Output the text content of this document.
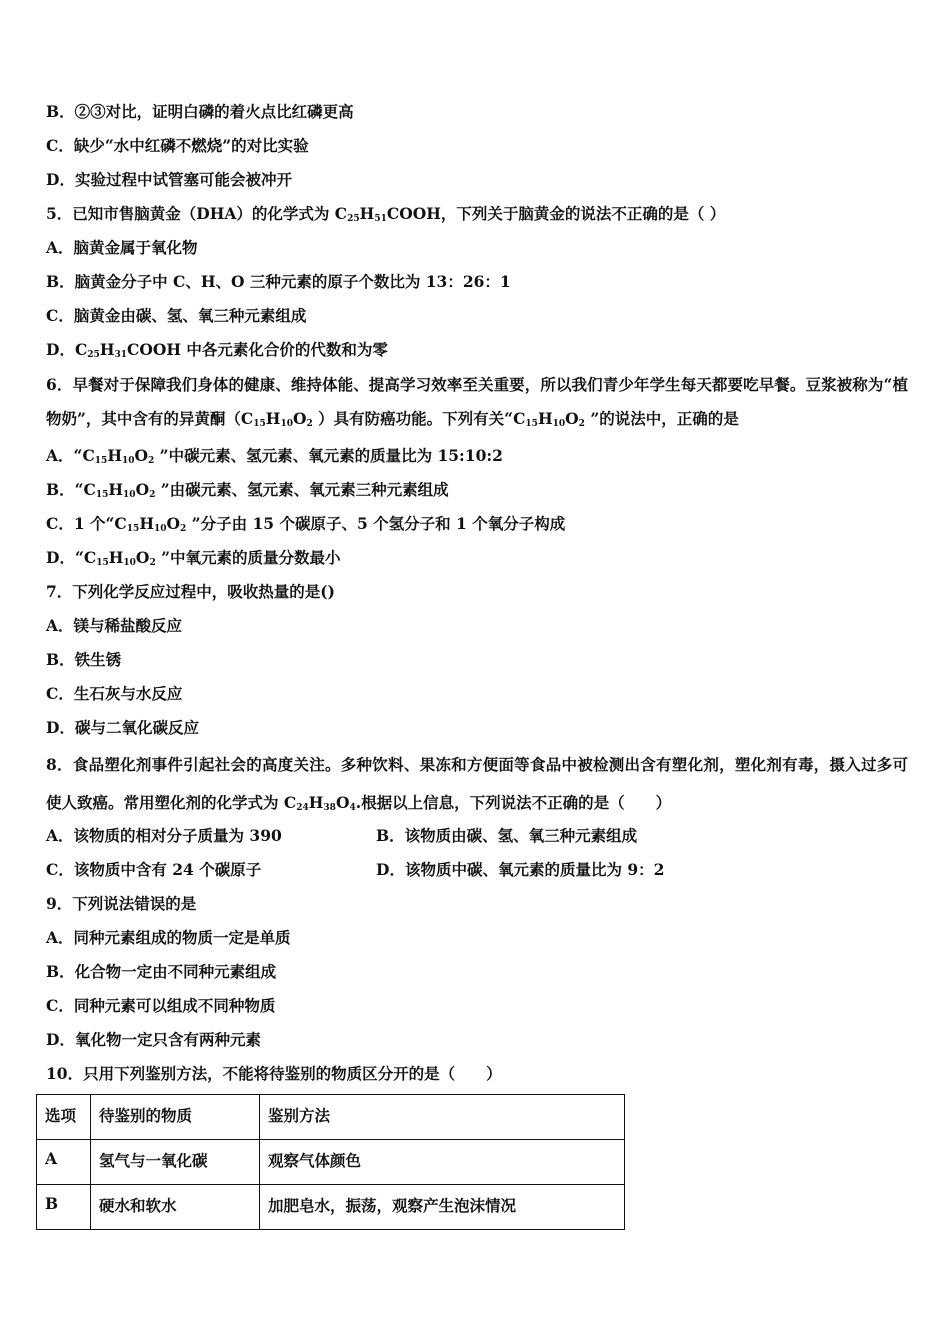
B．②③对比，证明白磷的着火点比红磷更高
C．缺少“水中红磷不燃烧”的对比实验
D．实验过程中试管塞可能会被冲开
5．已知市售脑黄金（DHA）的化学式为 $C_{25}H_{51}COOH$，下列关于脑黄金的说法不正确的是（ ）
A．脑黄金属于氧化物
B．脑黄金分子中 C、H、O 三种元素的原子个数比为 13：26：1
C．脑黄金由碳、氢、氧三种元素组成
D．$C_{25}H_{31}COOH$ 中各元素化合价的代数和为零
6．早餐对于保障我们身体的健康、维持体能、提高学习效率至关重要，所以我们青少年学生每天都要吃早餐。豆浆被称为“植物奶”，其中含有的异黄酮（$C_{15}H_{10}O_2$ ）具有防癌功能。下列有关“$C_{15}H_{10}O_2$ ”的说法中，正确的是
A．“$C_{15}H_{10}O_2$ ”中碳元素、氢元素、氧元素的质量比为 15:10:2
B．“$C_{15}H_{10}O_2$ ”由碳元素、氢元素、氧元素三种元素组成
C．1 个“$C_{15}H_{10}O_2$ ”分子由 15 个碳原子、5 个氢分子和 1 个氧分子构成
D．“$C_{15}H_{10}O_2$ ”中氧元素的质量分数最小
7．下列化学反应过程中，吸收热量的是()
A．镁与稀盐酸反应
B．铁生锈
C．生石灰与水反应
D．碳与二氧化碳反应
8．食品塑化剂事件引起社会的高度关注。多种饮料、果冻和方便面等食品中被检测出含有塑化剂，塑化剂有毒，摄入过多可使人致癌。常用塑化剂的化学式为 $C_{24}H_{38}O_4$.根据以上信息，下列说法不正确的是（　　）
A．该物质的相对分子质量为 390	B．该物质由碳、氢、氧三种元素组成
C．该物质中含有 24 个碳原子	D．该物质中碳、氧元素的质量比为 9：2
9．下列说法错误的是
A．同种元素组成的物质一定是单质
B．化合物一定由不同种元素组成
C．同种元素可以组成不同种物质
D．氧化物一定只含有两种元素
10．只用下列鉴别方法，不能将待鉴别的物质区分开的是（　　）
选项	待鉴别的物质	鉴别方法
A	氢气与一氧化碳	观察气体颜色
B	硬水和软水	加肥皂水，振荡，观察产生泡沫情况
